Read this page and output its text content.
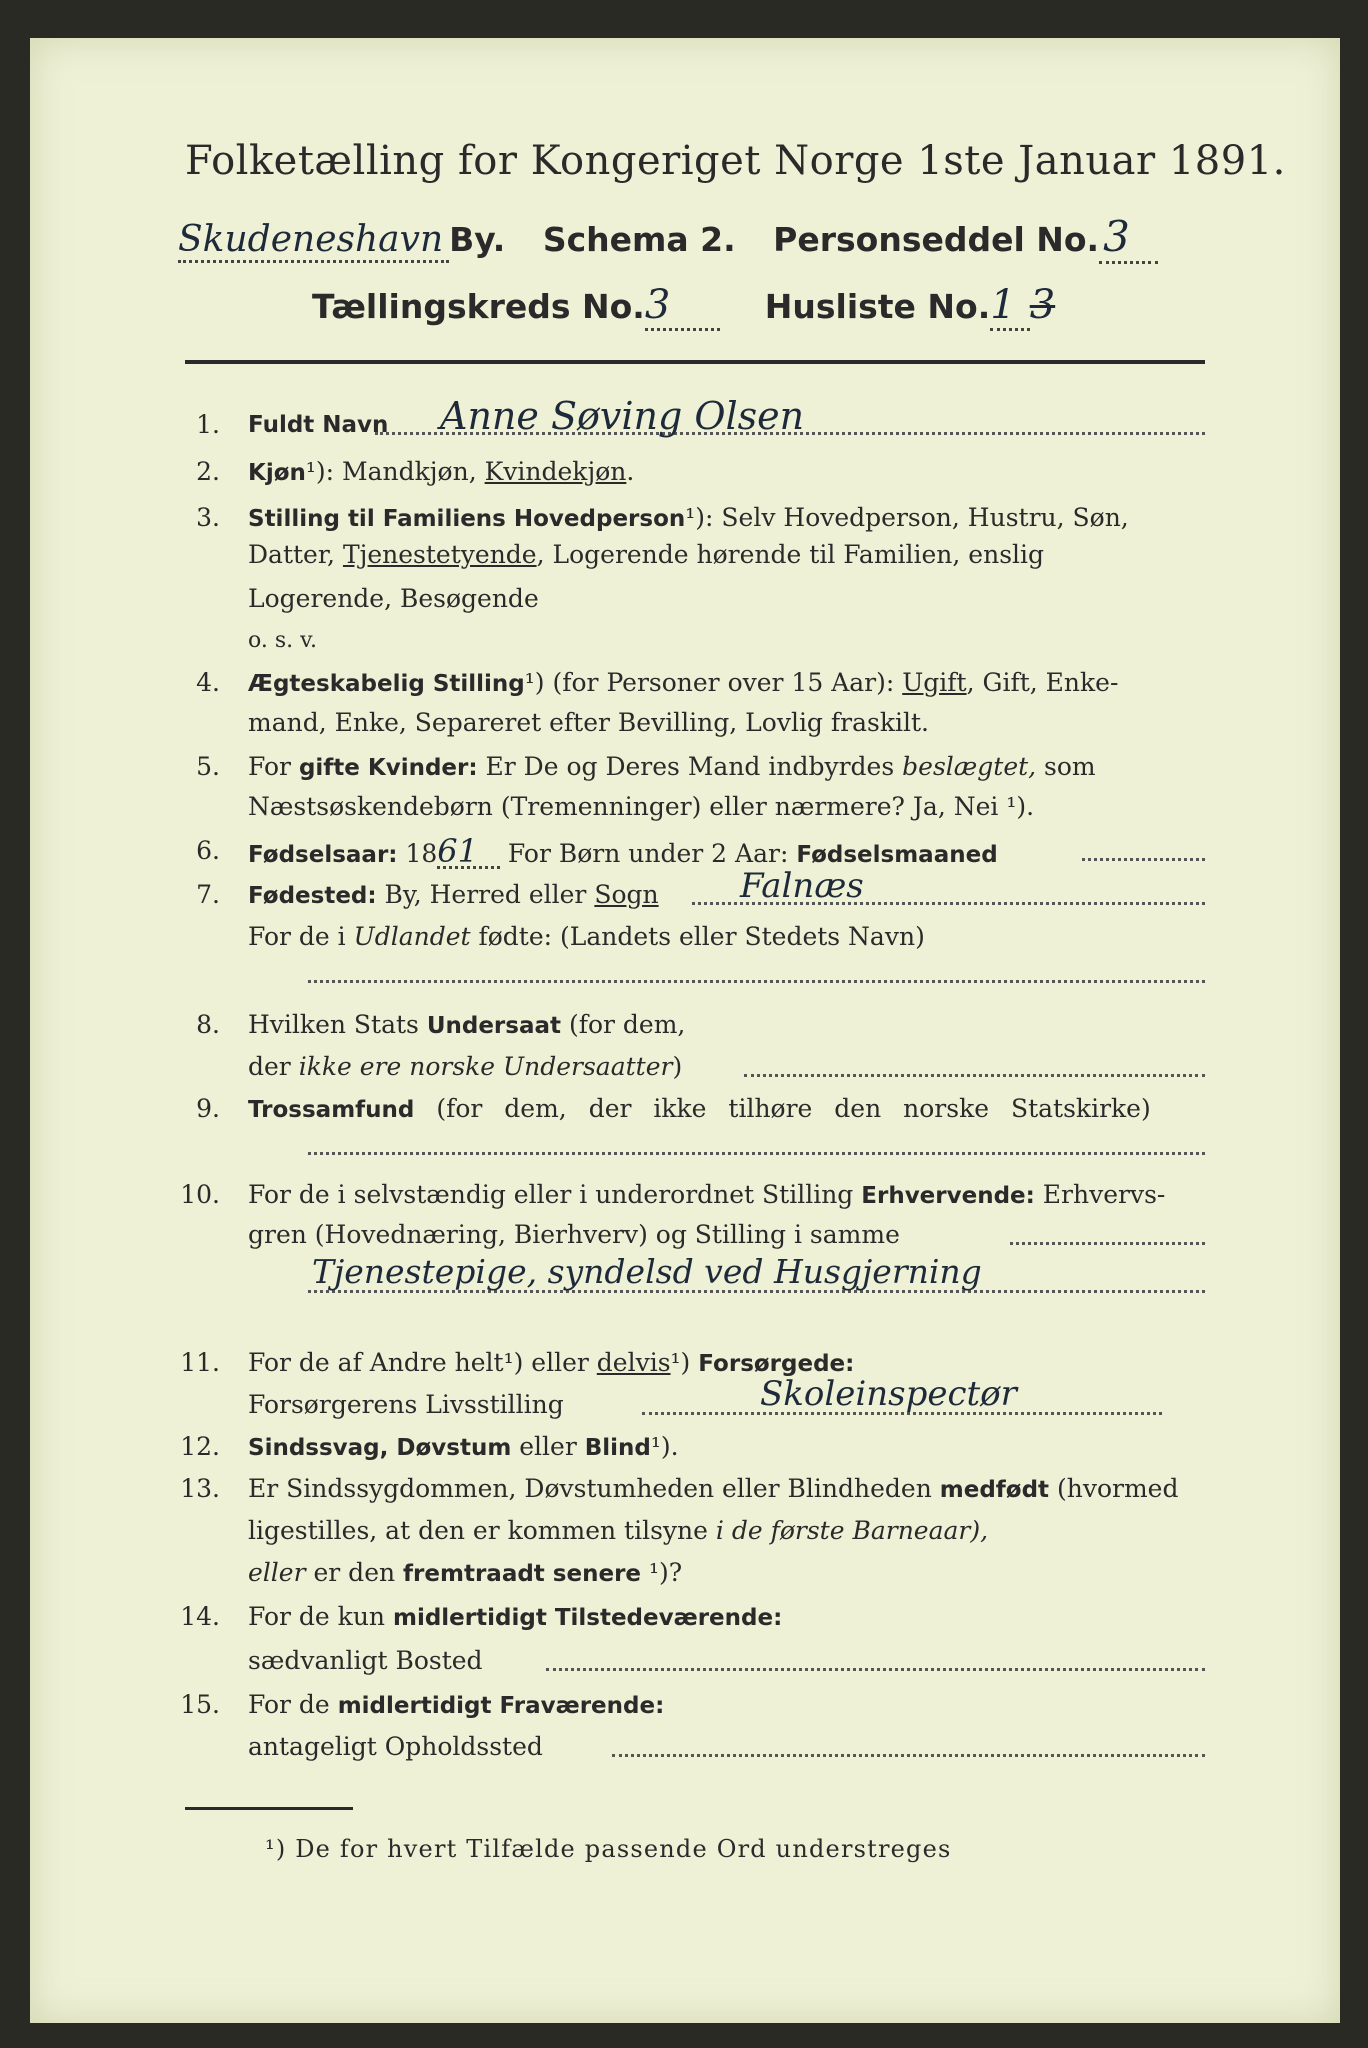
Folketælling for Kongeriget Norge 1ste Januar 1891.
Skudeneshavn By. Schema 2. Personseddel No.3
Tællingskreds No.3	Husliste No.1 3
1. Fuldt Navn Anne Søving Olsen
2. Kjøn¹): Mandkjøn, Kvindekjøn.
3. Stilling til Familiens Hovedperson¹): Selv Hovedperson, Hustru, Søn,
Datter, Tjenestetyende, Logerende hørende til Familien, enslig
Logerende, Besøgende
o. s. v.
4. Ægteskabelig Stilling¹) (for Personer over 15 Aar): Ugift, Gift, Enke-
mand, Enke, Separeret efter Bevilling, Lovlig fraskilt.
5. For gifte Kvinder: Er De og Deres Mand indbyrdes beslægtet, som
Næstsøskendebørn (Tremenninger) eller nærmere? Ja, Nei ¹).
6. Fødselsaar: 1861 For Børn under 2 Aar: Fødselsmaaned
7. Fødested: By, Herred eller Sogn Falnæs
For de i Udlandet fødte: (Landets eller Stedets Navn)
8. Hvilken Stats Undersaat (for dem,
der ikke ere norske Undersaatter)
9. Trossamfund (for dem, der ikke tilhøre den norske Statskirke)
10. For de i selvstændig eller i underordnet Stilling Erhvervende: Erhvervs-
gren (Hovednæring, Bierhverv) og Stilling i samme
Tjenestepige, syndelsd ved Husgjerning
11. For de af Andre helt¹) eller delvis¹) Forsørgede:
Forsørgerens Livsstilling	Skoleinspectør
12. Sindssvag, Døvstum eller Blind¹).
13. Er Sindssygdommen, Døvstumheden eller Blindheden medfødt (hvormed
ligestilles, at den er kommen tilsyne i de første Barneaar),
eller er den fremtraadt senere ¹)?
14. For de kun midlertidigt Tilstedeværende:
sædvanligt Bosted
15. For de midlertidigt Fraværende:
antageligt Opholdssted
¹) De for hvert Tilfælde passende Ord understreges
